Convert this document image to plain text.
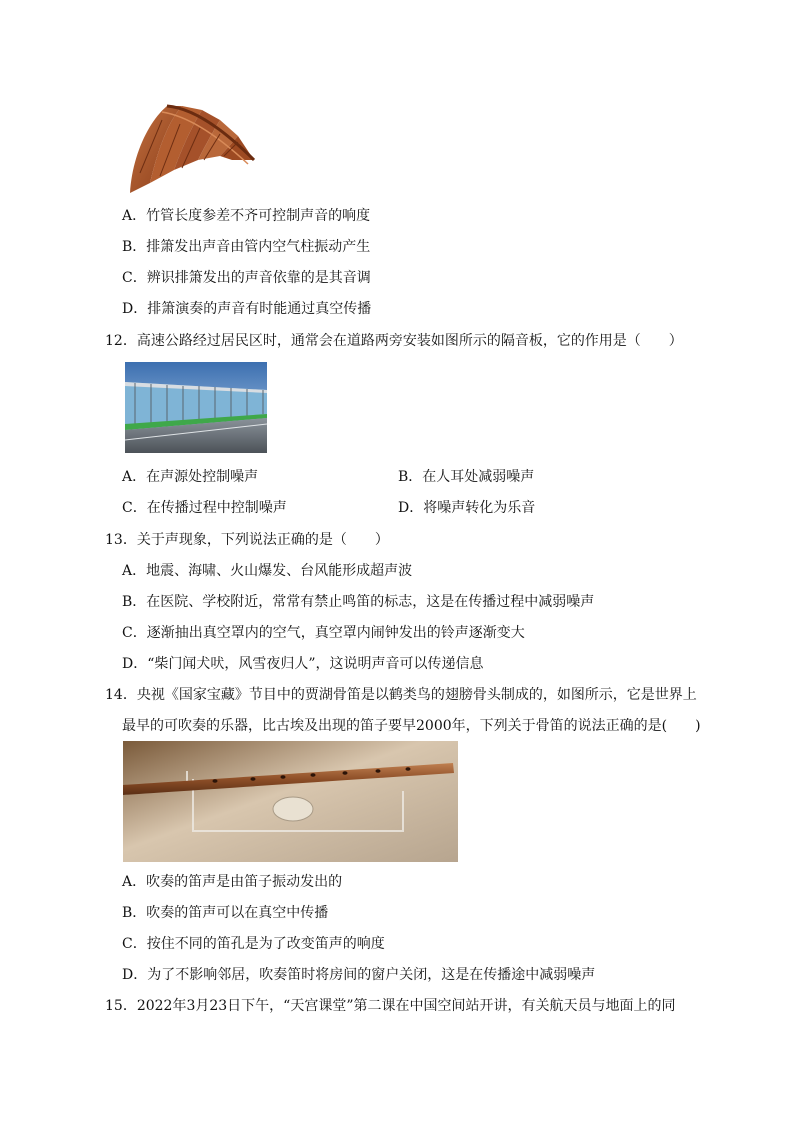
A．竹管长度参差不齐可控制声音的响度
B．排箫发出声音由管内空气柱振动产生
C．辨识排箫发出的声音依靠的是其音调
D．排箫演奏的声音有时能通过真空传播
12．高速公路经过居民区时，通常会在道路两旁安装如图所示的隔音板，它的作用是（　　）
A．在声源处控制噪声	B．在人耳处减弱噪声
C．在传播过程中控制噪声	D．将噪声转化为乐音
13．关于声现象，下列说法正确的是（　　）
A．地震、海啸、火山爆发、台风能形成超声波
B．在医院、学校附近，常常有禁止鸣笛的标志，这是在传播过程中减弱噪声
C．逐渐抽出真空罩内的空气，真空罩内闹钟发出的铃声逐渐变大
D．“柴门闻犬吠，风雪夜归人”，这说明声音可以传递信息
14．央视《国家宝藏》节目中的贾湖骨笛是以鹤类鸟的翅膀骨头制成的，如图所示，它是世界上
最早的可吹奏的乐器，比古埃及出现的笛子要早2000年，下列关于骨笛的说法正确的是(　　)
A．吹奏的笛声是由笛子振动发出的
B．吹奏的笛声可以在真空中传播
C．按住不同的笛孔是为了改变笛声的响度
D．为了不影响邻居，吹奏笛时将房间的窗户关闭，这是在传播途中减弱噪声
15．2022年3月23日下午，“天宫课堂”第二课在中国空间站开讲，有关航天员与地面上的同
